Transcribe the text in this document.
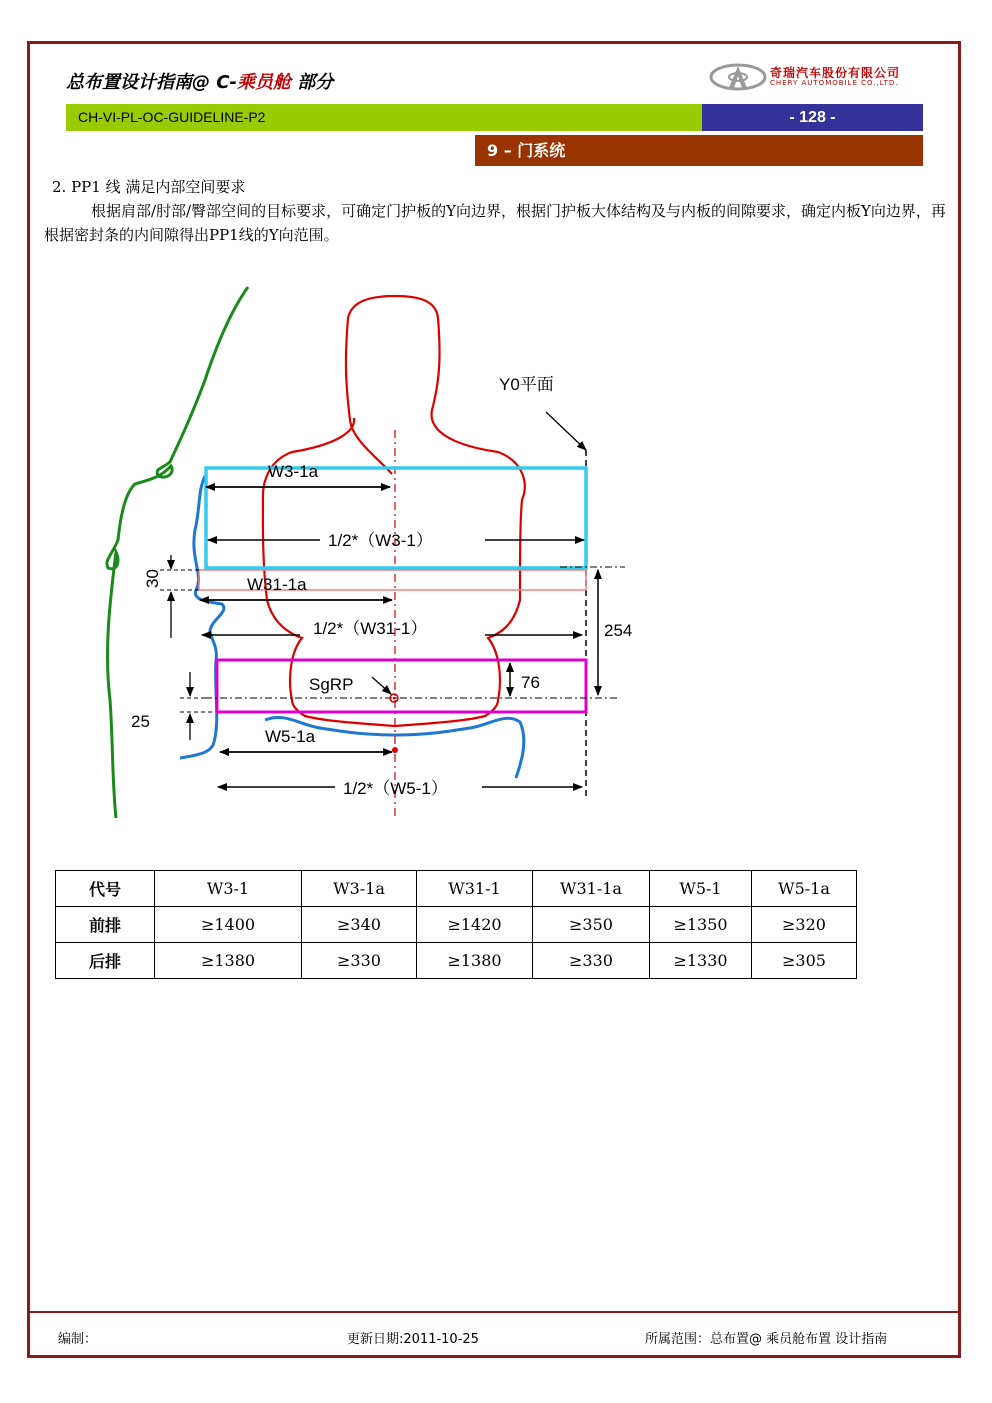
总布置设计指南@ C-乘员舱 部分	奇瑞汽车股份有限公司
CHERY AUTOMOBILE CO.,LTD.
CH-VI-PL-OC-GUIDELINE-P2	- 128 -
9 – 门系统
2. PP1 线 满足内部空间要求
根据肩部/肘部/臀部空间的目标要求，可确定门护板的Y向边界，根据门护板大体结构及与内板的间隙要求，确定内板Y向边界，再根据密封条的内间隙得出PP1线的Y向范围。
Y0平面
W3-1a
1/2*（W3-1）
W31-1a
1/2*（W31-1）
W5-1a
1/2*（W5-1）
SgRP
254
76
30
25
代号	W3-1	W3-1a	W31-1	W31-1a	W5-1	W5-1a
前排	≥1400	≥340	≥1420	≥350	≥1350	≥320
后排	≥1380	≥330	≥1380	≥330	≥1330	≥305
编制：	更新日期:2011-10-25	所属范围：总布置@ 乘员舱布置 设计指南
